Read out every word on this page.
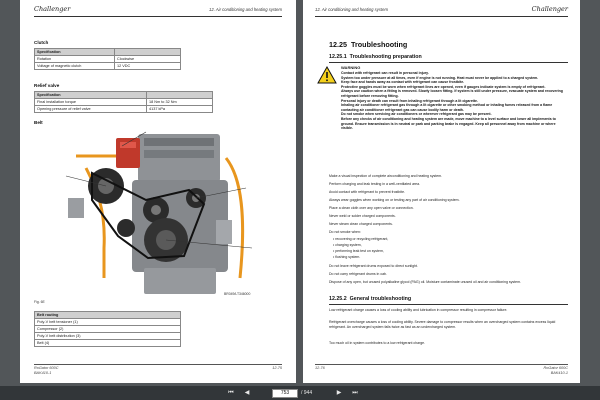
Challenger	12. Air conditioning and heating system
Clutch
Specification	
Rotation	Clockwise
Voltage of magnetic clutch	12 VDC
Relief valve
Specification	
Final installation torque	18 Nm to 32 Nm
Opening pressure of relief valve	4137 kPa
Belt
Fig. 6E
BR049/LT346000
Belt routing
Poly-V belt tensioner (1)
Compressor (2)
Poly-V belt distribution (3)
Belt (4)
RoGator 600C
BAK410-1
12-75
12. Air conditioning and heating system	Challenger
12.25 Troubleshooting
12.25.1 Troubleshooting preparation
WARNING
Contact with refrigerant can result in personal injury.
System too under pressure at all times, even if engine is not running. Heat must never be applied to a charged system.
Keep face and hands away as contact with refrigerant can cause frostbite.
Protective goggles must be worn when refrigerant lines are opened, even if gauges indicate system is empty of refrigerant.
Always use caution when a fitting is removed. Slowly loosen fitting. If system is still under pressure, evacuate system and recovering refrigerant before removing fitting.
Personal injury or death can result from inhaling refrigerant through a lit cigarette.
Inhaling air conditioner refrigerant gas through a lit cigarette or other smoking method or inhaling fumes released from a flame contacting air conditioner refrigerant gas can cause bodily harm or death.
Do not smoke when servicing air conditioners or wherever refrigerant gas may be present.
Before any checks of air conditioning and heating system are made, move machine to a level surface and lower all implements to ground. Ensure transmission is in neutral or park and parking brake is engaged. Keep all personnel away from machine or where visible.
Make a visual inspection of complete airconditioning and heating system.
Perform charging and leak testing in a well-ventilated area.
Avoid contact with refrigerant to prevent frostbite.
Always wear goggles when working on or testing any part of air conditioning system.
Place a clean cloth over any open valve or connection.
Never weld or solder charged components.
Never steam clean charged components.
Do not smoke when:
• recovering or recycling refrigerant,
• charging system,
• performing leak test on system,
• flushing system.
Do not leave refrigerant drums exposed to direct sunlight.
Do not carry refrigerant drums in cab.
Dispose of any open, but unused polyalkaline glycol (PAG) oil. Moisture contaminate unused oil and air conditioning system.
12.25.2 General troubleshooting
Low refrigerant charge causes a loss of cooling ability and lubrication in compressor resulting in compressor failure.
Refrigerant overcharge causes a loss of cooling ability. Severe damage to compressor results when an overcharged system contains excess liquid refrigerant. An overcharged system fails twice as fast as an undercharged system.
Too much oil in system contributes to a low refrigerant charge.
12-76	RoGator 600C
BAK410-1
⏮	◀
753	/ 944	▶	⏭
